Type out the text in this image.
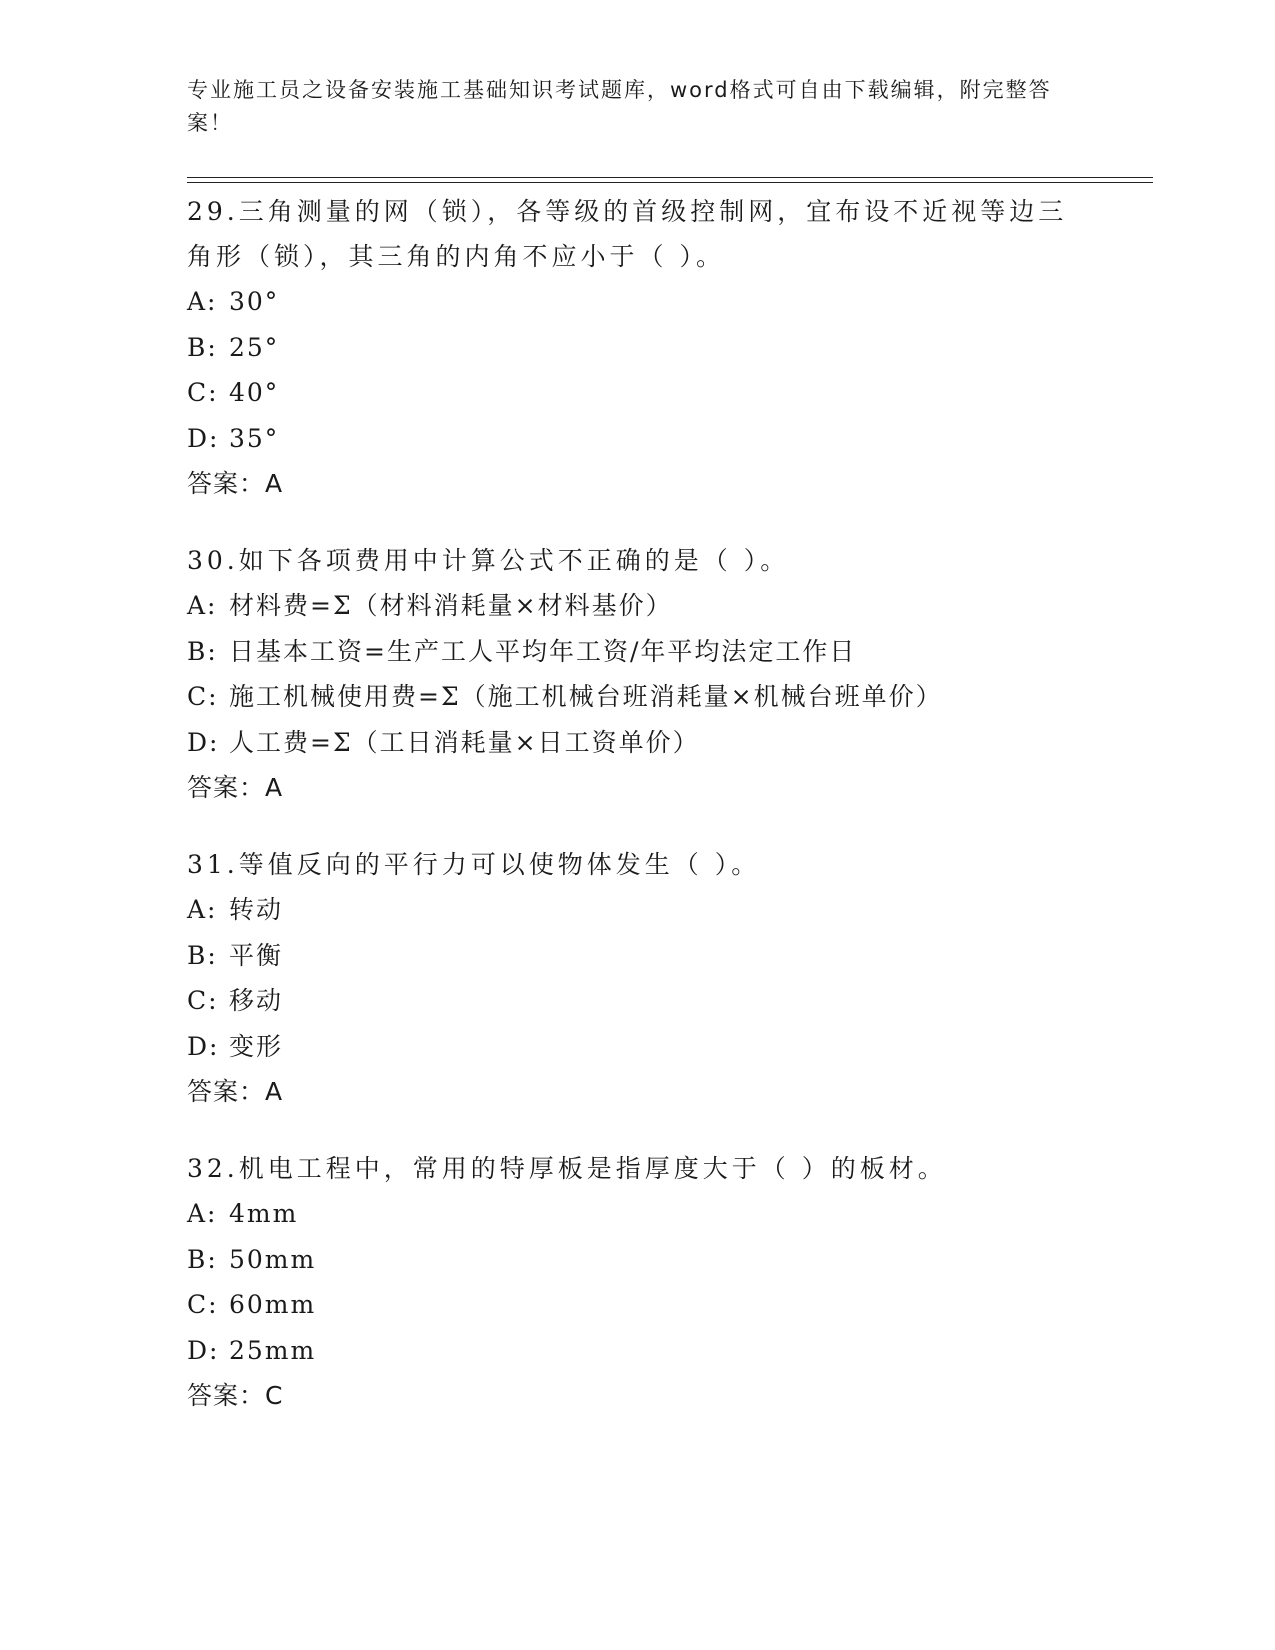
专业施工员之设备安装施工基础知识考试题库，word格式可自由下载编辑，附完整答案！

29.三角测量的网（锁），各等级的首级控制网，宜布设不近视等边三角形（锁），其三角的内角不应小于（ ）。

A: 30°
B: 25°
C: 40°
D: 35°
答案：A

30.如下各项费用中计算公式不正确的是（ ）。

A: 材料费=Σ（材料消耗量×材料基价）
B: 日基本工资=生产工人平均年工资/年平均法定工作日
C: 施工机械使用费=Σ（施工机械台班消耗量×机械台班单价）
D: 人工费=Σ（工日消耗量×日工资单价）
答案：A

31.等值反向的平行力可以使物体发生（ ）。

A: 转动
B: 平衡
C: 移动
D: 变形
答案：A

32.机电工程中，常用的特厚板是指厚度大于（ ）的板材。

A: 4mm
B: 50mm
C: 60mm
D: 25mm
答案：C
